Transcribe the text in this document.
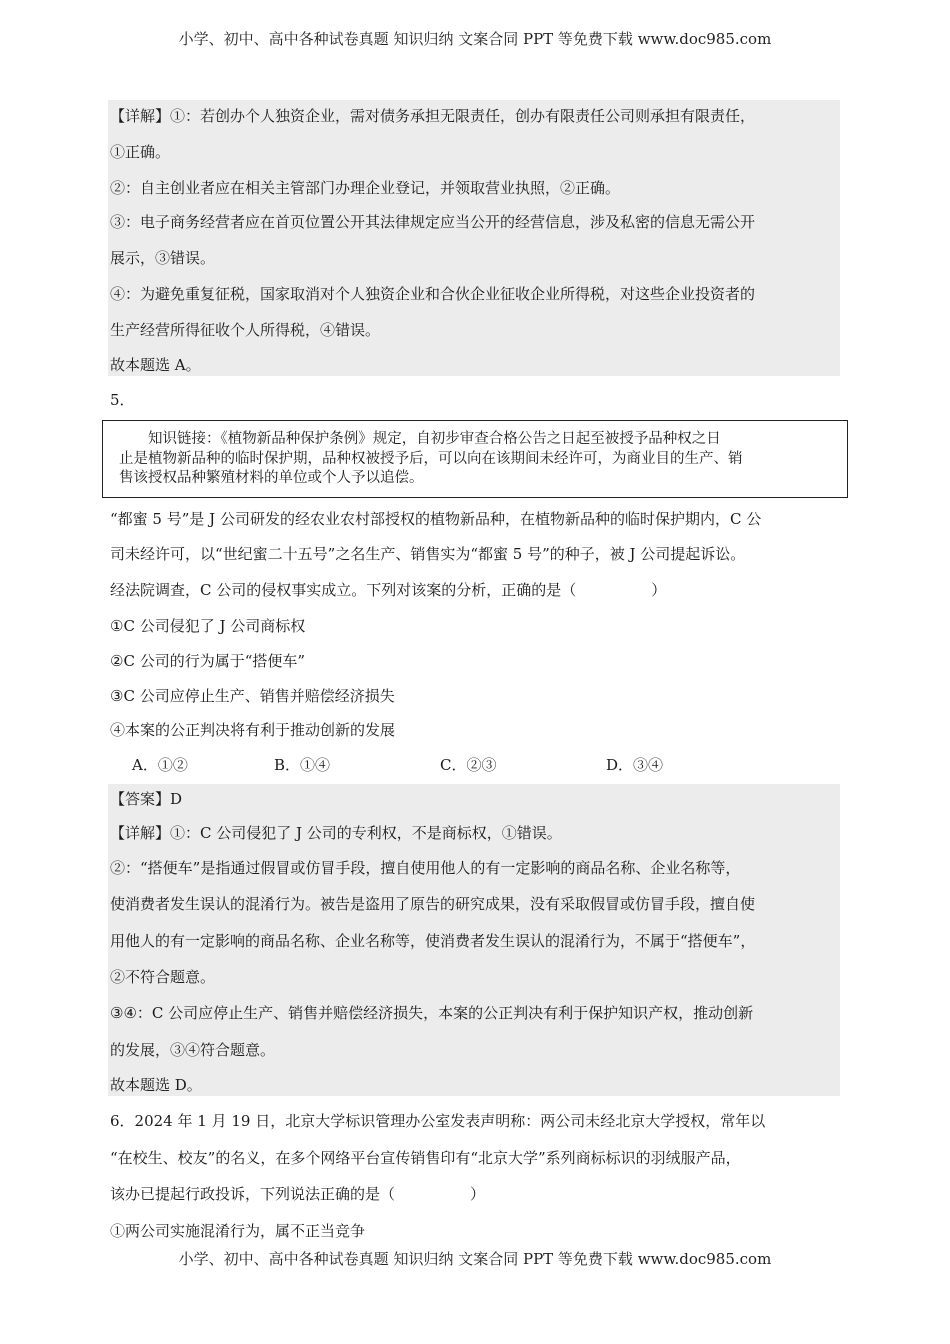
小学、初中、高中各种试卷真题 知识归纳 文案合同 PPT 等免费下载 www.doc985.com
【详解】①：若创办个人独资企业，需对债务承担无限责任，创办有限责任公司则承担有限责任，
①正确。
②：自主创业者应在相关主管部门办理企业登记，并领取营业执照，②正确。
③：电子商务经营者应在首页位置公开其法律规定应当公开的经营信息，涉及私密的信息无需公开
展示，③错误。
④：为避免重复征税，国家取消对个人独资企业和合伙企业征收企业所得税，对这些企业投资者的
生产经营所得征收个人所得税，④错误。
故本题选 A。
5．
知识链接：《植物新品种保护条例》规定，自初步审查合格公告之日起至被授予品种权之日
止是植物新品种的临时保护期，品种权被授予后，可以向在该期间未经许可，为商业目的生产、销
售该授权品种繁殖材料的单位或个人予以追偿。
“都蜜 5 号”是 J 公司研发的经农业农村部授权的植物新品种，在植物新品种的临时保护期内，C 公
司未经许可，以“世纪蜜二十五号”之名生产、销售实为“都蜜 5 号”的种子，被 J 公司提起诉讼。
经法院调查，C 公司的侵权事实成立。下列对该案的分析，正确的是（　　　　　）
①C 公司侵犯了 J 公司商标权
②C 公司的行为属于“搭便车”
③C 公司应停止生产、销售并赔偿经济损失
④本案的公正判决将有利于推动创新的发展
A．①②	B．①④	C．②③	D．③④
【答案】D
【详解】①：C 公司侵犯了 J 公司的专利权，不是商标权，①错误。
②：“搭便车”是指通过假冒或仿冒手段，擅自使用他人的有一定影响的商品名称、企业名称等，
使消费者发生误认的混淆行为。被告是盗用了原告的研究成果，没有采取假冒或仿冒手段，擅自使
用他人的有一定影响的商品名称、企业名称等，使消费者发生误认的混淆行为，不属于“搭便车”，
②不符合题意。
③④：C 公司应停止生产、销售并赔偿经济损失，本案的公正判决有利于保护知识产权，推动创新
的发展，③④符合题意。
故本题选 D。
6．2024 年 1 月 19 日，北京大学标识管理办公室发表声明称：两公司未经北京大学授权，常年以
“在校生、校友”的名义，在多个网络平台宣传销售印有“北京大学”系列商标标识的羽绒服产品，
该办已提起行政投诉，下列说法正确的是（　　　　　）
①两公司实施混淆行为，属不正当竞争
小学、初中、高中各种试卷真题 知识归纳 文案合同 PPT 等免费下载 www.doc985.com
